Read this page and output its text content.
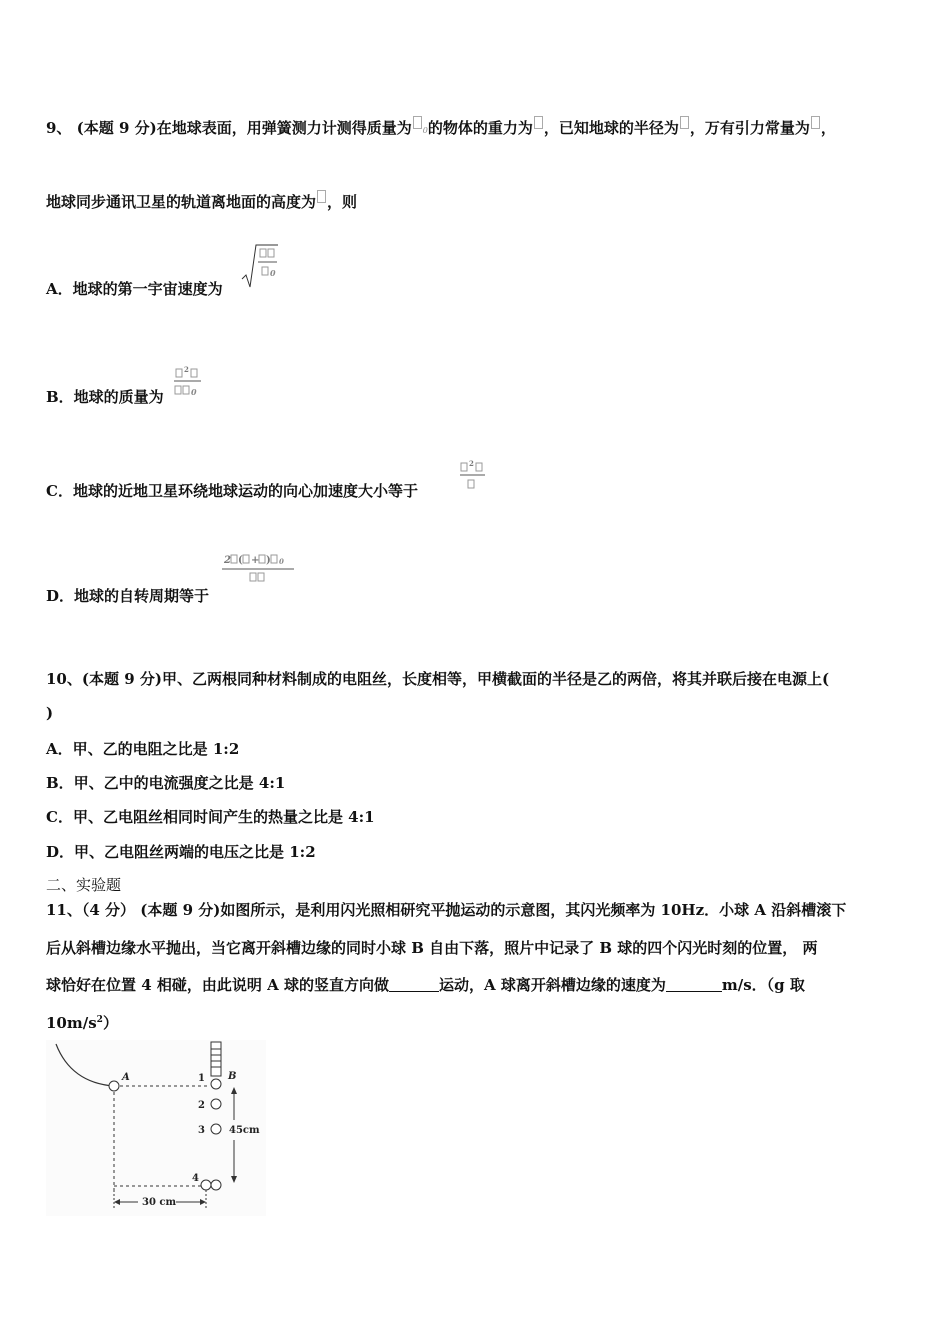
9、 (本题 9 分)在地球表面，用弹簧测力计测得质量为 0的物体的重力为 ，已知地球的半径为 ，万有引力常量为 ，
地球同步通讯卫星的轨道离地面的高度为 ，则
A．地球的第一宇宙速度为
0
B．地球的质量为
2
0
C．地球的近地卫星环绕地球运动的向心加速度大小等于
2
D．地球的自转周期等于
2 ( + ) 0
10、(本题 9 分)甲、乙两根同种材料制成的电阻丝，长度相等，甲横截面的半径是乙的两倍，将其并联后接在电源上(
)
A．甲、乙的电阻之比是 1:2
B．甲、乙中的电流强度之比是 4:1
C．甲、乙电阻丝相同时间产生的热量之比是 4:1
D．甲、乙电阻丝两端的电压之比是 1:2
二、实验题
11、（4 分） (本题 9 分)如图所示，是利用闪光照相研究平抛运动的示意图，其闪光频率为 10Hz．小球 A 沿斜槽滚下
后从斜槽边缘水平抛出，当它离开斜槽边缘的同时小球 B 自由下落，照片中记录了 B 球的四个闪光时刻的位置， 两
球恰好在位置 4 相碰，由此说明 A 球的竖直方向做	运动，A 球离开斜槽边缘的速度为	m/s．（g 取
$10m/s^2$）
A	B
1
2
3
4
45cm
30 cm
